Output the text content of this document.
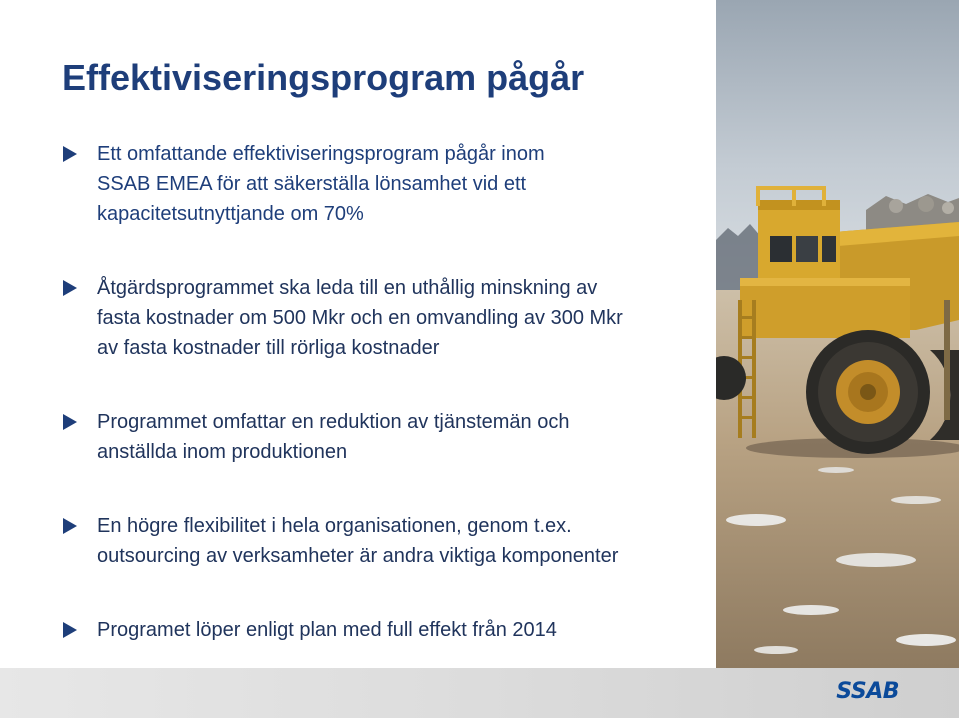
Effektiviseringsprogram pågår
Ett omfattande effektiviseringsprogram pågår inom
SSAB EMEA för att säkerställa lönsamhet vid ett
kapacitetsutnyttjande om 70%
Åtgärdsprogrammet ska leda till en uthållig minskning av
fasta kostnader om 500 Mkr och en omvandling av 300 Mkr
av fasta kostnader till rörliga kostnader
Programmet omfattar en reduktion av tjänstemän och
anställda inom produktionen
En högre flexibilitet i hela organisationen, genom t.ex.
outsourcing av verksamheter är andra viktiga komponenter
Programet löper enligt plan med full effekt från 2014
SSAB
